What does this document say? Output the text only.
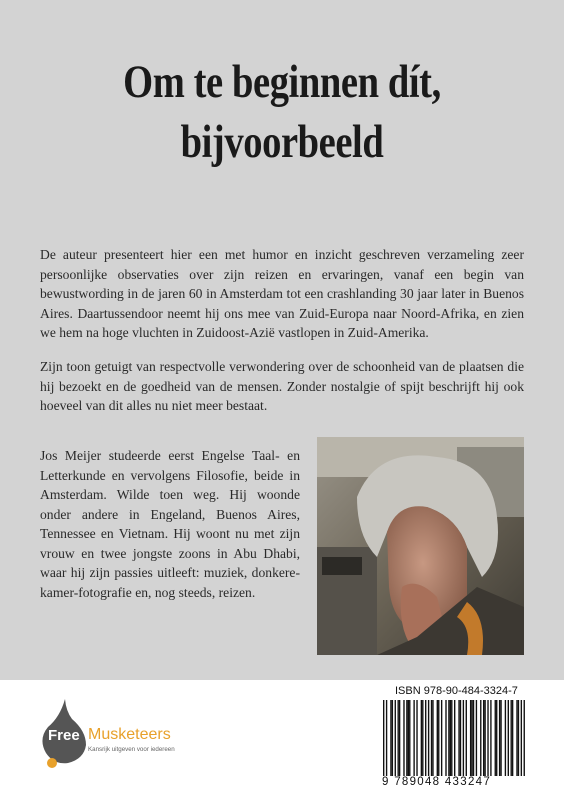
Om te beginnen dít,
bijvoorbeeld

De auteur presenteert hier een met humor en inzicht geschreven verzameling zeer persoonlijke observaties over zijn reizen en ervaringen, vanaf een begin van bewustwording in de jaren 60 in Amsterdam tot een crashlanding 30 jaar later in Buenos Aires. Daartussendoor neemt hij ons mee van Zuid-Europa naar Noord-Afrika, en zien we hem na hoge vluchten in Zuidoost-Azië vastlopen in Zuid-Amerika.

Zijn toon getuigt van respectvolle verwondering over de schoonheid van de plaatsen die hij bezoekt en de goedheid van de mensen. Zonder nostalgie of spijt beschrijft hij ook hoeveel van dit alles nu niet meer bestaat.

Jos Meijer studeerde eerst Engelse Taal- en Letterkunde en vervolgens Filosofie, beide in Amsterdam. Wilde toen weg. Hij woonde onder andere in Engeland, Buenos Aires, Tennessee en Vietnam. Hij woont nu met zijn vrouw en twee jongste zoons in Abu Dhabi, waar hij zijn passies uitleeft: muziek, donkere-kamer-fotografie en, nog steeds, reizen.

Free Musketeers
Kansrijk uitgeven voor iedereen
ISBN 978-90-484-3324-7
9 789048 433247
